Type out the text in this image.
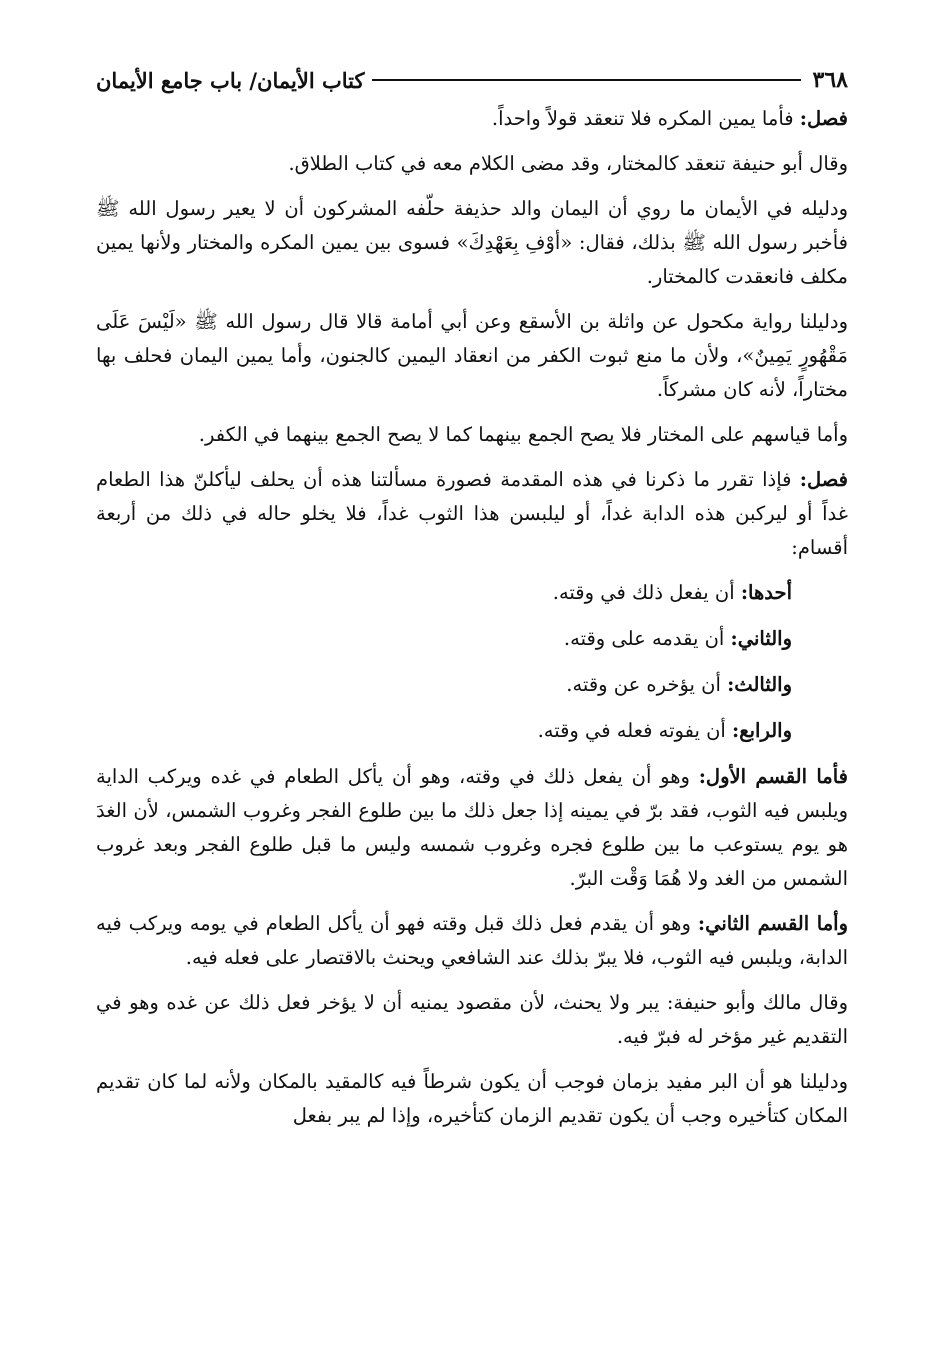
٣٦٨
كتاب الأيمان/ باب جامع الأيمان

فصل: فأما يمين المكره فلا تنعقد قولاً واحداً.

وقال أبو حنيفة تنعقد كالمختار، وقد مضى الكلام معه في كتاب الطلاق.

ودليله في الأيمان ما روي أن اليمان والد حذيفة حلّفه المشركون أن لا يعير رسول الله ﷺ فأخبر رسول الله ﷺ بذلك، فقال: «أوْفِ بِعَهْدِكَ» فسوى بين يمين المكره والمختار ولأنها يمين مكلف فانعقدت كالمختار.

ودليلنا رواية مكحول عن واثلة بن الأسقع وعن أبي أمامة قالا قال رسول الله ﷺ «لَيْسَ عَلَى مَقْهُورٍ يَمِينٌ»، ولأن ما منع ثبوت الكفر من انعقاد اليمين كالجنون، وأما يمين اليمان فحلف بها مختاراً، لأنه كان مشركاً.

وأما قياسهم على المختار فلا يصح الجمع بينهما كما لا يصح الجمع بينهما في الكفر.

فصل: فإذا تقرر ما ذكرنا في هذه المقدمة فصورة مسألتنا هذه أن يحلف ليأكلنّ هذا الطعام غداً أو ليركبن هذه الدابة غداً، أو ليلبسن هذا الثوب غداً، فلا يخلو حاله في ذلك من أربعة أقسام:

أحدها: أن يفعل ذلك في وقته.
والثاني: أن يقدمه على وقته.
والثالث: أن يؤخره عن وقته.
والرابع: أن يفوته فعله في وقته.

فأما القسم الأول: وهو أن يفعل ذلك في وقته، وهو أن يأكل الطعام في غده ويركب الداية ويلبس فيه الثوب، فقد برّ في يمينه إذا جعل ذلك ما بين طلوع الفجر وغروب الشمس، لأن الغدَ هو يوم يستوعب ما بين طلوع فجره وغروب شمسه وليس ما قبل طلوع الفجر وبعد غروب الشمس من الغد ولا هُمَا وَقْت البرّ.

وأما القسم الثاني: وهو أن يقدم فعل ذلك قبل وقته فهو أن يأكل الطعام في يومه ويركب فيه الدابة، ويلبس فيه الثوب، فلا يبرّ بذلك عند الشافعي ويحنث بالاقتصار على فعله فيه.

وقال مالك وأبو حنيفة: يبر ولا يحنث، لأن مقصود يمنيه أن لا يؤخر فعل ذلك عن غده وهو في التقديم غير مؤخر له فبرّ فيه.

ودليلنا هو أن البر مفيد بزمان فوجب أن يكون شرطاً فيه كالمقيد بالمكان ولأنه لما كان تقديم المكان كتأخيره وجب أن يكون تقديم الزمان كتأخيره، وإذا لم يبر بفعل
